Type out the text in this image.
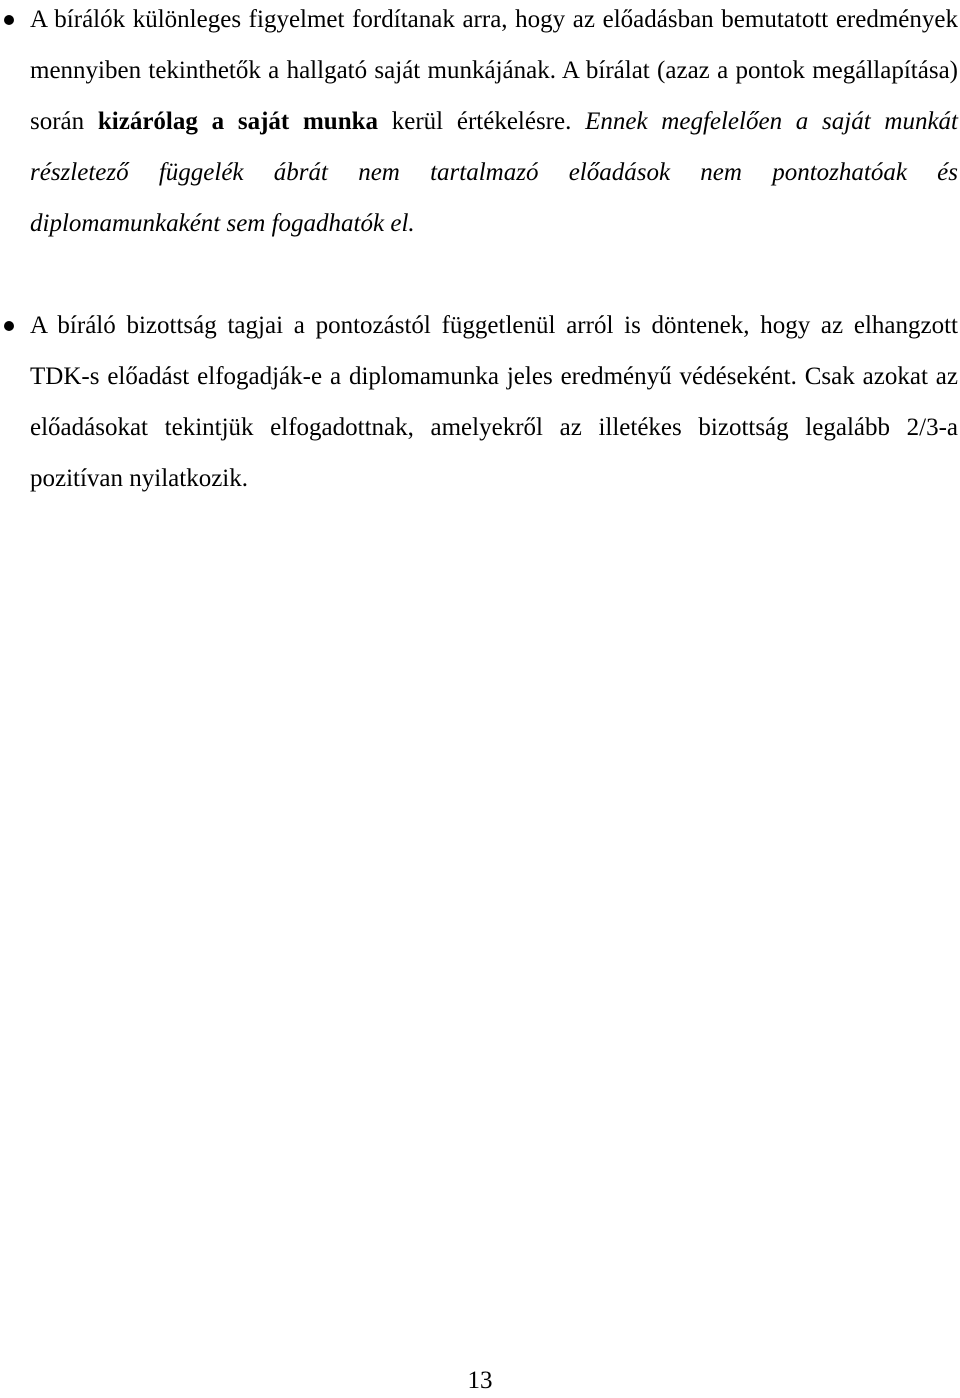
A bírálók különleges figyelmet fordítanak arra, hogy az előadásban bemutatott eredmények mennyiben tekinthetők a hallgató saját munkájának. A bírálat (azaz a pontok megállapítása) során kizárólag a saját munka kerül értékelésre. Ennek megfelelően a saját munkát részletező függelék ábrát nem tartalmazó előadások nem pontozhatóak és diplomamunkaként sem fogadhatók el.
A bíráló bizottság tagjai a pontozástól függetlenül arról is döntenek, hogy az elhangzott TDK-s előadást elfogadják-e a diplomamunka jeles eredményű védéseként. Csak azokat az előadásokat tekintjük elfogadottnak, amelyekről az illetékes bizottság legalább 2/3-a pozitívan nyilatkozik.
13
